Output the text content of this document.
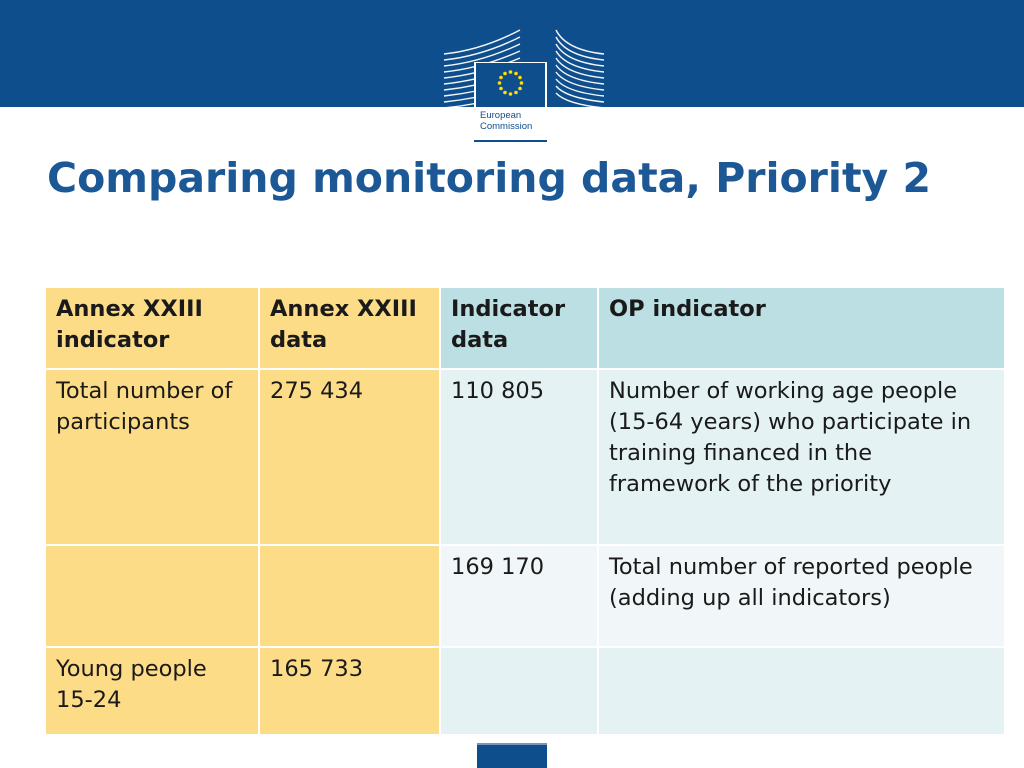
European
Commission
Comparing monitoring data, Priority 2
Annex XXIII indicator	Annex XXIII data	Indicator data	OP indicator
Total number of participants	275 434	110 805	Number of working age people (15-64 years) who participate in training financed in the framework of the priority
		169 170	Total number of reported people (adding up all indicators)
Young people 15-24	165 733		
